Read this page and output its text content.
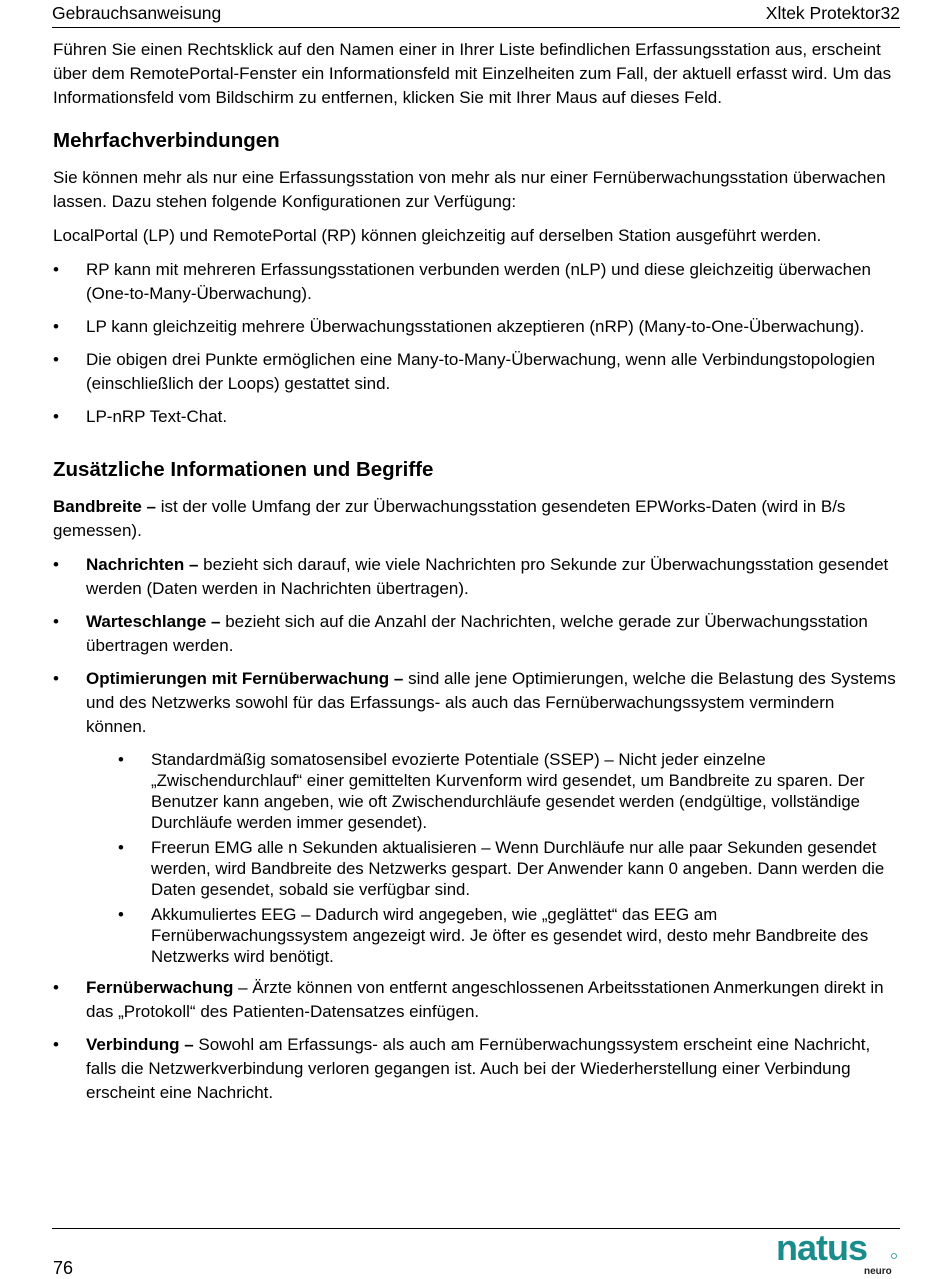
Gebrauchsanweisung	Xltek Protektor32

Führen Sie einen Rechtsklick auf den Namen einer in Ihrer Liste befindlichen Erfassungsstation aus, erscheint über dem RemotePortal-Fenster ein Informationsfeld mit Einzelheiten zum Fall, der aktuell erfasst wird. Um das Informationsfeld vom Bildschirm zu entfernen, klicken Sie mit Ihrer Maus auf dieses Feld.

Mehrfachverbindungen

Sie können mehr als nur eine Erfassungsstation von mehr als nur einer Fernüberwachungsstation überwachen lassen. Dazu stehen folgende Konfigurationen zur Verfügung:

LocalPortal (LP) und RemotePortal (RP) können gleichzeitig auf derselben Station ausgeführt werden.

• RP kann mit mehreren Erfassungsstationen verbunden werden (nLP) und diese gleichzeitig überwachen (One-to-Many-Überwachung).
• LP kann gleichzeitig mehrere Überwachungsstationen akzeptieren (nRP) (Many-to-One-Überwachung).
• Die obigen drei Punkte ermöglichen eine Many-to-Many-Überwachung, wenn alle Verbindungstopologien (einschließlich der Loops) gestattet sind.
• LP-nRP Text-Chat.
Zusätzliche Informationen und Begriffe

Bandbreite – ist der volle Umfang der zur Überwachungsstation gesendeten EPWorks-Daten (wird in B/s gemessen).

• Nachrichten – bezieht sich darauf, wie viele Nachrichten pro Sekunde zur Überwachungsstation gesendet werden (Daten werden in Nachrichten übertragen).
• Warteschlange – bezieht sich auf die Anzahl der Nachrichten, welche gerade zur Überwachungsstation übertragen werden.
• Optimierungen mit Fernüberwachung – sind alle jene Optimierungen, welche die Belastung des Systems und des Netzwerks sowohl für das Erfassungs- als auch das Fernüberwachungssystem vermindern können.
• Standardmäßig somatosensibel evozierte Potentiale (SSEP) – Nicht jeder einzelne „Zwischendurchlauf“ einer gemittelten Kurvenform wird gesendet, um Bandbreite zu sparen. Der Benutzer kann angeben, wie oft Zwischendurchläufe gesendet werden (endgültige, vollständige Durchläufe werden immer gesendet).
• Freerun EMG alle n Sekunden aktualisieren – Wenn Durchläufe nur alle paar Sekunden gesendet werden, wird Bandbreite des Netzwerks gespart. Der Anwender kann 0 angeben. Dann werden die Daten gesendet, sobald sie verfügbar sind.
• Akkumuliertes EEG – Dadurch wird angegeben, wie „geglättet“ das EEG am Fernüberwachungssystem angezeigt wird. Je öfter es gesendet wird, desto mehr Bandbreite des Netzwerks wird benötigt.
• Fernüberwachung – Ärzte können von entfernt angeschlossenen Arbeitsstationen Anmerkungen direkt in das „Protokoll“ des Patienten-Datensatzes einfügen.
• Verbindung – Sowohl am Erfassungs- als auch am Fernüberwachungssystem erscheint eine Nachricht, falls die Netzwerkverbindung verloren gegangen ist. Auch bei der Wiederherstellung einer Verbindung erscheint eine Nachricht.
76	natus
neuro
